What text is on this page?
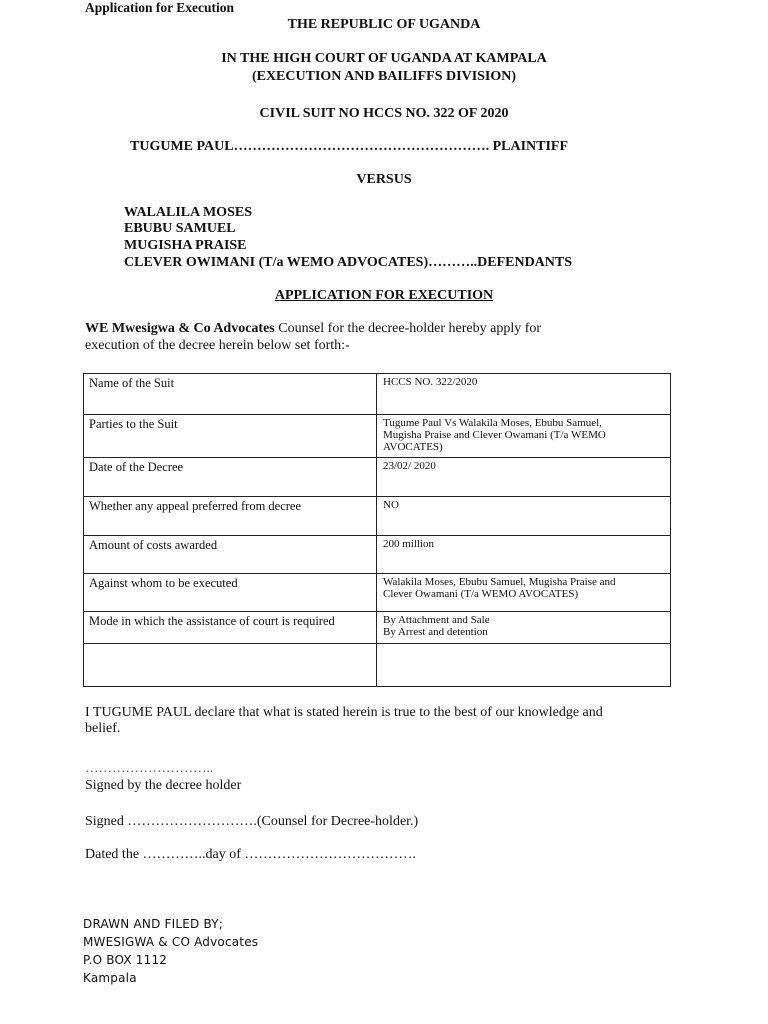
Application for Execution
THE REPUBLIC OF UGANDA
IN THE HIGH COURT OF UGANDA AT KAMPALA
(EXECUTION AND BAILIFFS DIVISION)
CIVIL SUIT NO HCCS NO. 322 OF 2020
TUGUME PAUL………………………………………………. PLAINTIFF
VERSUS
WALALILA MOSES
EBUBU SAMUEL
MUGISHA PRAISE
CLEVER OWIMANI (T/a WEMO ADVOCATES)………..DEFENDANTS
APPLICATION FOR EXECUTION
WE Mwesigwa & Co Advocates Counsel for the decree-holder hereby apply for
execution of the decree herein below set forth:-
Name of the Suit	HCCS NO. 322/2020

Parties to the Suit	Tugume Paul Vs Walakila Moses, Ebubu Samuel,
Mugisha Praise and Clever Owamani (T/a WEMO
AVOCATES)

Date of the Decree	23/02/ 2020

Whether any appeal preferred from decree	NO

Amount of costs awarded	200 million

Against whom to be executed	Walakila Moses, Ebubu Samuel, Mugisha Praise and
Clever Owamani (T/a WEMO AVOCATES)

Mode in which the assistance of court is required	By Attachment and Sale
By Arrest and detention

I TUGUME PAUL declare that what is stated herein is true to the best of our knowledge and
belief.
………………………..
Signed by the decree holder
Signed ……………………….(Counsel for Decree-holder.)
Dated the …………..day of ……………………………….
DRAWN AND FILED BY;
MWESIGWA & CO Advocates
P.O BOX 1112
Kampala
